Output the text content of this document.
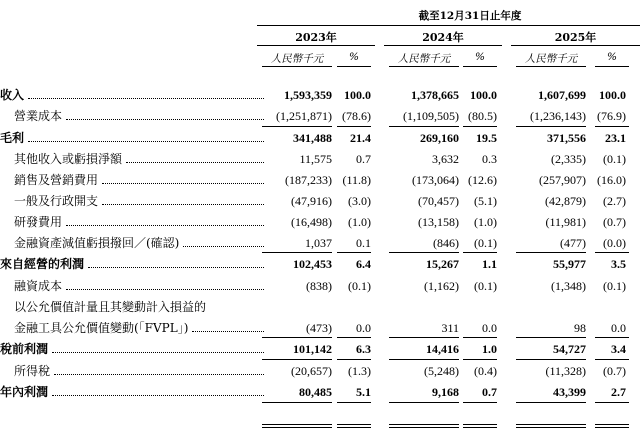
截至12月31日止年度
2023年	2024年	2025年
人民幣千元	%	人民幣千元	%	人民幣千元	%
收入	1,593,359 100.0	1,378,665 100.0	1,607,699 100.0
營業成本	(1,251,871) (78.6)	(1,109,505) (80.5)	(1,236,143) (76.9)
毛利	341,488 21.4	269,160 19.5	371,556 23.1
其他收入或虧損淨額	11,575 0.7	3,632 0.3	(2,335) (0.1)
銷售及營銷費用	(187,233) (11.8)	(173,064) (12.6)	(257,907) (16.0)
一般及行政開支	(47,916) (3.0)	(70,457) (5.1)	(42,879) (2.7)
研發費用	(16,498) (1.0)	(13,158) (1.0)	(11,981) (0.7)
金融資產減值虧損撥回／(確認)	1,037 0.1	(846) (0.1)	(477) (0.0)
來自經營的利潤	102,453 6.4	15,267 1.1	55,977 3.5
融資成本	(838) (0.1)	(1,162) (0.1)	(1,348) (0.1)
以公允價值計量且其變動計入損益的
金融工具公允價值變動(「FVPL」)	(473) 0.0	311 0.0	98 0.0
稅前利潤	101,142 6.3	14,416 1.0	54,727 3.4
所得稅	(20,657) (1.3)	(5,248) (0.4)	(11,328) (0.7)
年內利潤	80,485 5.1	9,168 0.7	43,399 2.7
